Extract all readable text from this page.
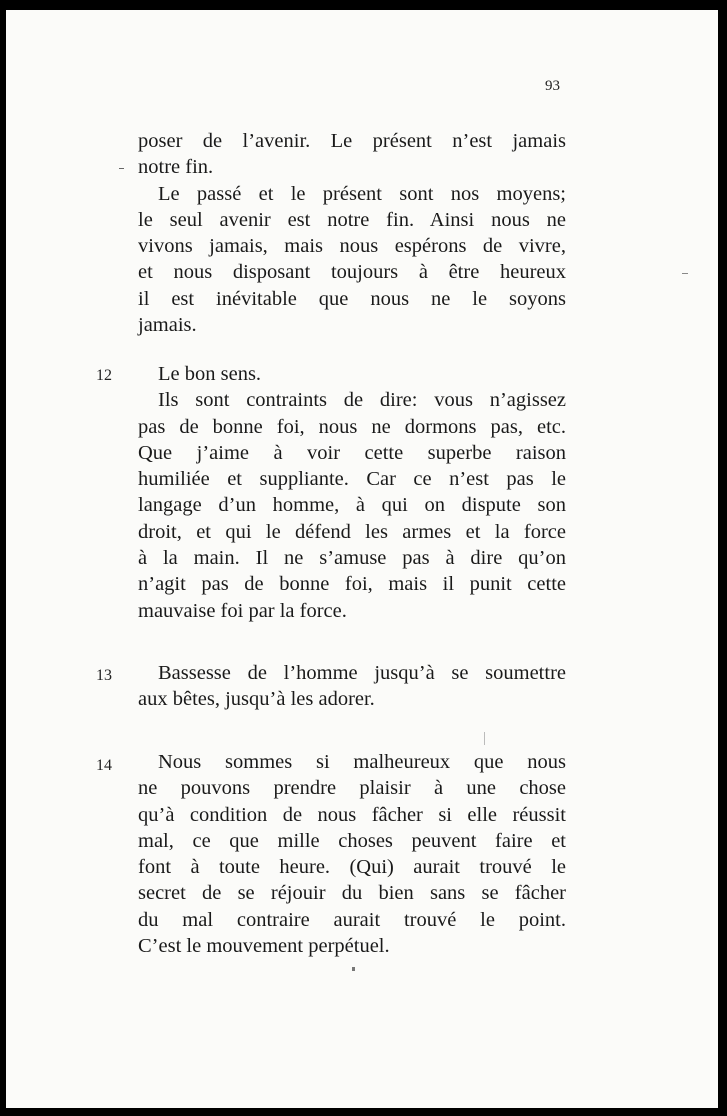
93
poser de l’avenir. Le présent n’est jamais
notre fin.
Le passé et le présent sont nos moyens;
le seul avenir est notre fin. Ainsi nous ne
vivons jamais, mais nous espérons de vivre,
et nous disposant toujours à être heureux
il est inévitable que nous ne le soyons
jamais.
12	Le bon sens.
Ils sont contraints de dire: vous n’agissez
pas de bonne foi, nous ne dormons pas, etc.
Que j’aime à voir cette superbe raison
humiliée et suppliante. Car ce n’est pas le
langage d’un homme, à qui on dispute son
droit, et qui le défend les armes et la force
à la main. Il ne s’amuse pas à dire qu’on
n’agit pas de bonne foi, mais il punit cette
mauvaise foi par la force.
13	Bassesse de l’homme jusqu’à se soumettre
aux bêtes, jusqu’à les adorer.
14	Nous sommes si malheureux que nous
ne pouvons prendre plaisir à une chose
qu’à condition de nous fâcher si elle réussit
mal, ce que mille choses peuvent faire et
font à toute heure. (Qui) aurait trouvé le
secret de se réjouir du bien sans se fâcher
du mal contraire aurait trouvé le point.
C’est le mouvement perpétuel.
